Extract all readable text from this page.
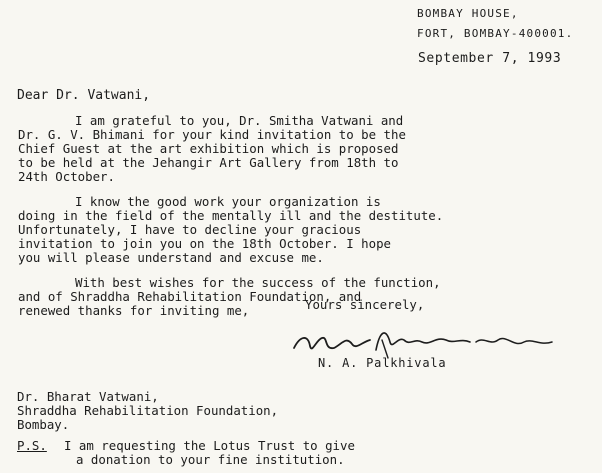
BOMBAY HOUSE,
FORT, BOMBAY-400001.
September 7, 1993
Dear Dr. Vatwani,
I am grateful to you, Dr. Smitha Vatwani and
Dr. G. V. Bhimani for your kind invitation to be the
Chief Guest at the art exhibition which is proposed
to be held at the Jehangir Art Gallery from 18th to
24th October.
I know the good work your organization is
doing in the field of the mentally ill and the destitute.
Unfortunately, I have to decline your gracious
invitation to join you on the 18th October. I hope
you will please understand and excuse me.
With best wishes for the success of the function,
and of Shraddha Rehabilitation Foundation, and
renewed thanks for inviting me,	Yours sincerely,
N. A. Palkhivala
Dr. Bharat Vatwani,
Shraddha Rehabilitation Foundation,
Bombay.
P.S. I am requesting the Lotus Trust to give
a donation to your fine institution.
